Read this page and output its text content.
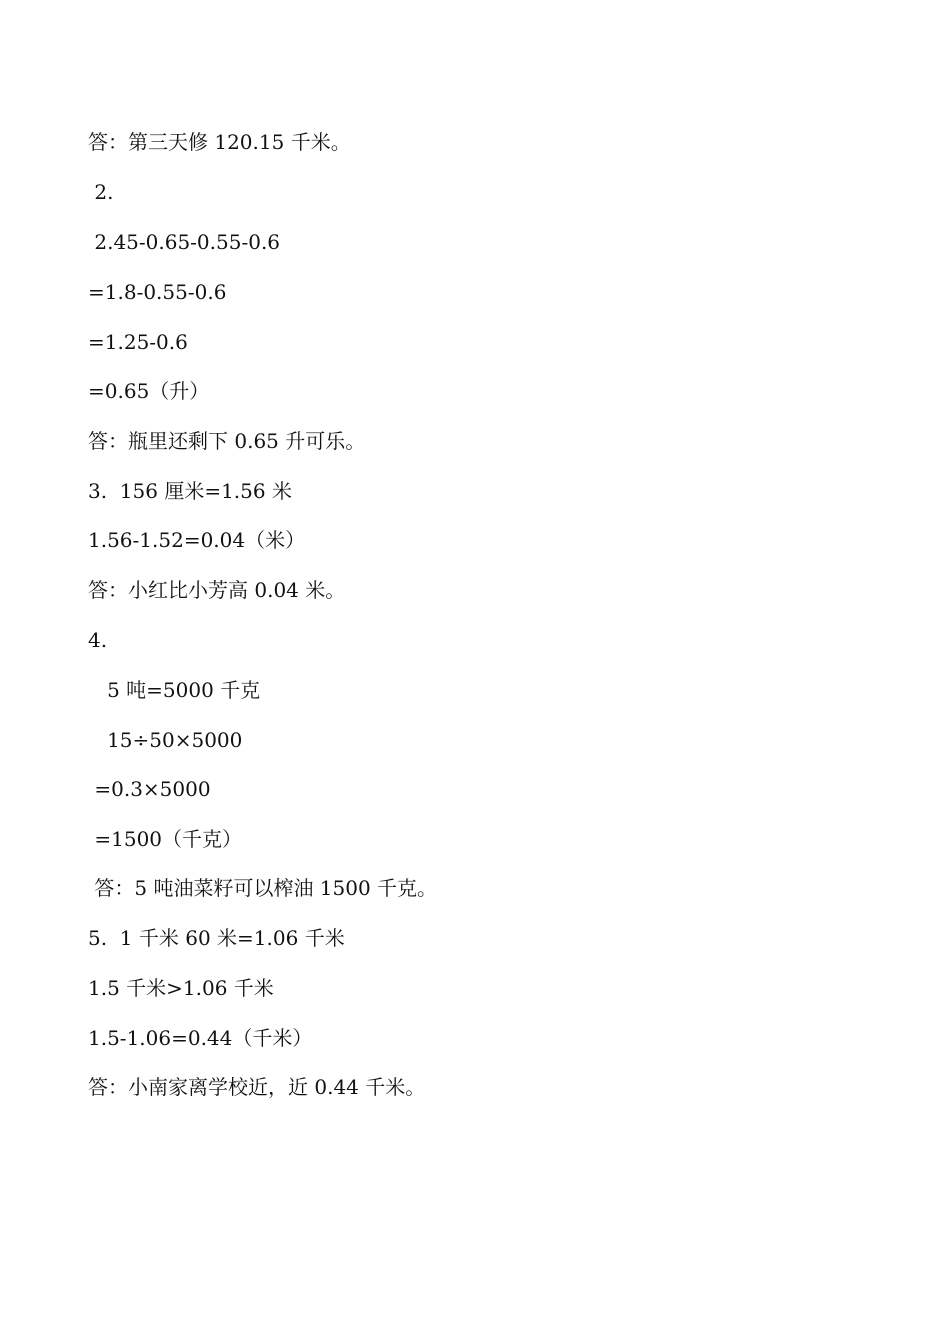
答：第三天修 120.15 千米。

2.

2.45-0.65-0.55-0.6

=1.8-0.55-0.6

=1.25-0.6

=0.65（升）

答：瓶里还剩下 0.65 升可乐。

3.  156 厘米=1.56 米

1.56-1.52=0.04（米）

答：小红比小芳高 0.04 米。

4.

5 吨=5000 千克

15÷50×5000

=0.3×5000

=1500（千克）

答：5 吨油菜籽可以榨油 1500 千克。

5.  1 千米 60 米=1.06 千米

1.5 千米>1.06 千米

1.5-1.06=0.44（千米）

答：小南家离学校近，近 0.44 千米。
